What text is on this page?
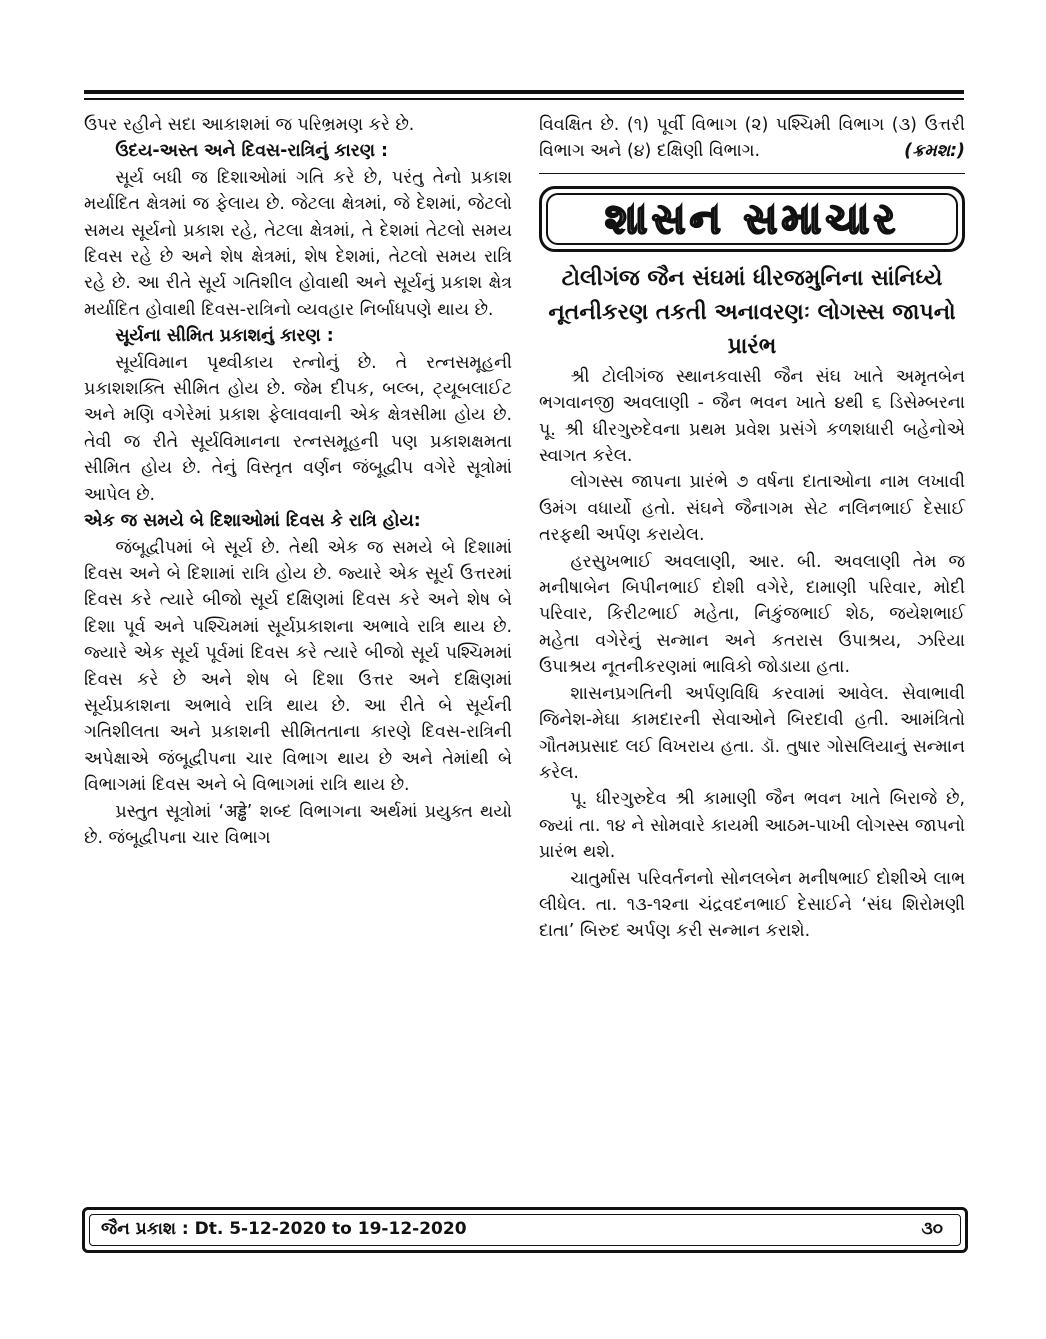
ઉપર રહીને સદા આકાશમાં જ પરિભ્રમણ કરે છે.

ઉદય-અસ્ત અને દિવસ-રાત્રિનું કારણ :

સૂર્ય બધી જ દિશાઓમાં ગતિ કરે છે, પરંતુ તેનો પ્રકાશ મર્યાદિત ક્ષેત્રમાં જ ફેલાય છે. જેટલા ક્ષેત્રમાં, જે દેશમાં, જેટલો સમય સૂર્યનો પ્રકાશ રહે, તેટલા ક્ષેત્રમાં, તે દેશમાં તેટલો સમય દિવસ રહે છે અને શેષ ક્ષેત્રમાં, શેષ દેશમાં, તેટલો સમય રાત્રિ રહે છે. આ રીતે સૂર્ય ગતિશીલ હોવાથી અને સૂર્યનું પ્રકાશ ક્ષેત્ર મર્યાદિત હોવાથી દિવસ-રાત્રિનો વ્યવહાર નિર્બાધપણે થાય છે.

સૂર્યના સીમિત પ્રકાશનું કારણ :

સૂર્યવિમાન પૃથ્વીકાય રત્નોનું છે. તે રત્નસમૂહની પ્રકાશશક્તિ સીમિત હોય છે. જેમ દીપક, બલ્બ, ટ્યૂબલાઈટ અને મણિ વગેરેમાં પ્રકાશ ફેલાવવાની એક ક્ષેત્રસીમા હોય છે. તેવી જ રીતે સૂર્યવિમાનના રત્નસમૂહની પણ પ્રકાશક્ષમતા સીમિત હોય છે. તેનું વિસ્તૃત વર્ણન જંબૂદ્વીપ વગેરે સૂત્રોમાં આપેલ છે.

એક જ સમયે બે દિશાઓમાં દિવસ કે રાત્રિ હોય:

જંબૂદ્વીપમાં બે સૂર્ય છે. તેથી એક જ સમયે બે દિશામાં દિવસ અને બે દિશામાં રાત્રિ હોય છે. જ્યારે એક સૂર્ય ઉત્તરમાં દિવસ કરે ત્યારે બીજો સૂર્ય દક્ષિણમાં દિવસ કરે અને શેષ બે દિશા પૂર્વ અને પશ્ચિમમાં સૂર્યપ્રકાશના અભાવે રાત્રિ થાય છે. જ્યારે એક સૂર્ય પૂર્વમાં દિવસ કરે ત્યારે બીજો સૂર્ય પશ્ચિમમાં દિવસ કરે છે અને શેષ બે દિશા ઉત્તર અને દક્ષિણમાં સૂર્યપ્રકાશના અભાવે રાત્રિ થાય છે. આ રીતે બે સૂર્યની ગતિશીલતા અને પ્રકાશની સીમિતતાના કારણે દિવસ-રાત્રિની અપેક્ષાએ જંબૂદ્વીપના ચાર વિભાગ થાય છે અને તેમાંથી બે વિભાગમાં દિવસ અને બે વિભાગમાં રાત્રિ થાય છે.

પ્રસ્તુત સૂત્રોમાં ‘अड्ढे’ શબ્દ વિભાગના અર્થમાં પ્રયુક્ત થયો છે. જંબૂદ્વીપના ચાર વિભાગ

વિવક્ષિત છે. (૧) પૂર્વી વિભાગ (૨) પશ્ચિમી વિભાગ (૩) ઉત્તરી વિભાગ અને (૪) દક્ષિણી વિભાગ.	(ક્રમશ:)

શાસન સમાચાર

ટોલીગંજ જૈન સંઘમાં ધીરજમુનિના સાંનિધ્યે નૂતનીકરણ તકતી અનાવરણઃ લોગસ્સ જાપનો પ્રારંભ

શ્રી ટોલીગંજ સ્થાનકવાસી જૈન સંઘ ખાતે અમૃતબેન ભગવાનજી અવલાણી - જૈન ભવન ખાતે ૪થી ૬ ડિસેમ્બરના પૂ. શ્રી ધીરગુરુદેવના પ્રથમ પ્રવેશ પ્રસંગે કળશધારી બહેનોએ સ્વાગત કરેલ.

લોગસ્સ જાપના પ્રારંભે ૭ વર્ષના દાતાઓના નામ લખાવી ઉમંગ વધાર્યો હતો. સંઘને જૈનાગમ સેટ નલિનભાઈ દેસાઈ તરફથી અર્પણ કરાયેલ.

હરસુખભાઈ અવલાણી, આર. બી. અવલાણી તેમ જ મનીષાબેન બિપીનભાઈ દોશી વગેરે, દામાણી પરિવાર, મોદી પરિવાર, કિરીટભાઈ મહેતા, નિકુંજભાઈ શેઠ, જયેશભાઈ મહેતા વગેરેનું સન્માન અને કતરાસ ઉપાશ્રય, ઝરિયા ઉપાશ્રય નૂતનીકરણમાં ભાવિકો જોડાયા હતા.

શાસનપ્રગતિની અર્પણવિધિ કરવામાં આવેલ. સેવાભાવી જિનેશ-મેઘા કામદારની સેવાઓને બિરદાવી હતી. આમંત્રિતો ગૌતમપ્રસાદ લઈ વિખરાય હતા. ડૉ. તુષાર ગોસલિયાનું સન્માન કરેલ.

પૂ. ધીરગુરુદેવ શ્રી કામાણી જૈન ભવન ખાતે બિરાજે છે, જ્યાં તા. ૧૪ ને સોમવારે કાયમી આઠમ-પાખી લોગસ્સ જાપનો પ્રારંભ થશે.

ચાતુર્માસ પરિવર્તનનો સોનલબેન મનીષભાઈ દોશીએ લાભ લીધેલ. તા. ૧૩-૧૨ના ચંદ્રવદનભાઈ દેસાઈને ‘સંઘ શિરોમણી દાતા’ બિરુદ અર્પણ કરી સન્માન કરાશે.

જૈન પ્રકાશ : Dt. 5-12-2020 to 19-12-2020	૩૦
